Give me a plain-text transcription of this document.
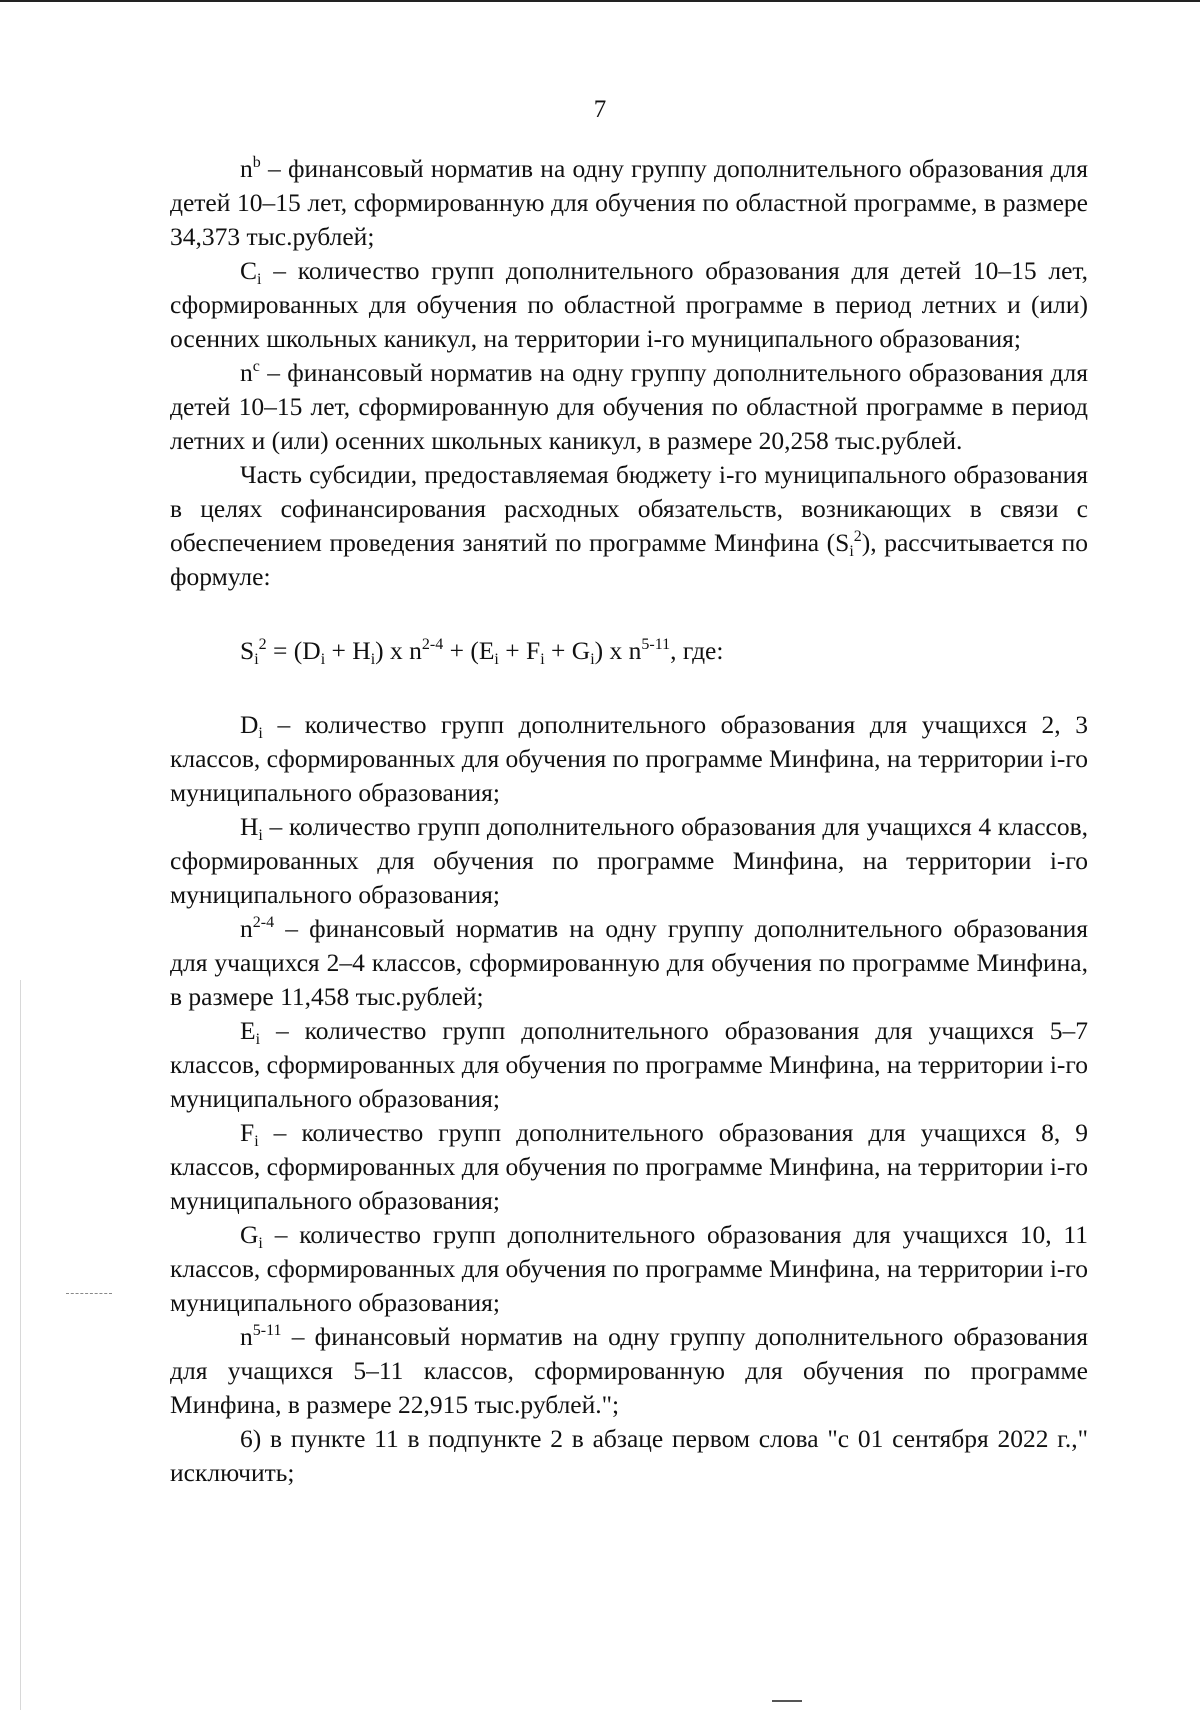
7

$n^b$ – финансовый норматив на одну группу дополнительного образования для детей 10–15 лет, сформированную для обучения по областной программе, в размере 34,373 тыс.рублей;

$C_i$ – количество групп дополнительного образования для детей 10–15 лет, сформированных для обучения по областной программе в период летних и (или) осенних школьных каникул, на территории i-го муниципального образования;

$n^c$ – финансовый норматив на одну группу дополнительного образования для детей 10–15 лет, сформированную для обучения по областной программе в период летних и (или) осенних школьных каникул, в размере 20,258 тыс.рублей.

Часть субсидии, предоставляемая бюджету i-го муниципального образования в целях софинансирования расходных обязательств, возникающих в связи с обеспечением проведения занятий по программе Минфина $(S_i^2)$, рассчитывается по формуле:

$S_i^2 = (D_i + H_i)$ x $n^{2-4} + (E_i + F_i + G_i)$ x $n^{5-11}$, где:

$D_i$ – количество групп дополнительного образования для учащихся 2, 3 классов, сформированных для обучения по программе Минфина, на территории i-го муниципального образования;

$H_i$ – количество групп дополнительного образования для учащихся 4 классов, сформированных для обучения по программе Минфина, на территории i-го муниципального образования;

$n^{2-4}$ – финансовый норматив на одну группу дополнительного образования для учащихся 2–4 классов, сформированную для обучения по программе Минфина, в размере 11,458 тыс.рублей;

$E_i$ – количество групп дополнительного образования для учащихся 5–7 классов, сформированных для обучения по программе Минфина, на территории i-го муниципального образования;

$F_i$ – количество групп дополнительного образования для учащихся 8, 9 классов, сформированных для обучения по программе Минфина, на территории i-го муниципального образования;

$G_i$ – количество групп дополнительного образования для учащихся 10, 11 классов, сформированных для обучения по программе Минфина, на территории i-го муниципального образования;

$n^{5-11}$ – финансовый норматив на одну группу дополнительного образования для учащихся 5–11 классов, сформированную для обучения по программе Минфина, в размере 22,915 тыс.рублей.";

6) в пункте 11 в подпункте 2 в абзаце первом слова "с 01 сентября 2022 г.," исключить;
